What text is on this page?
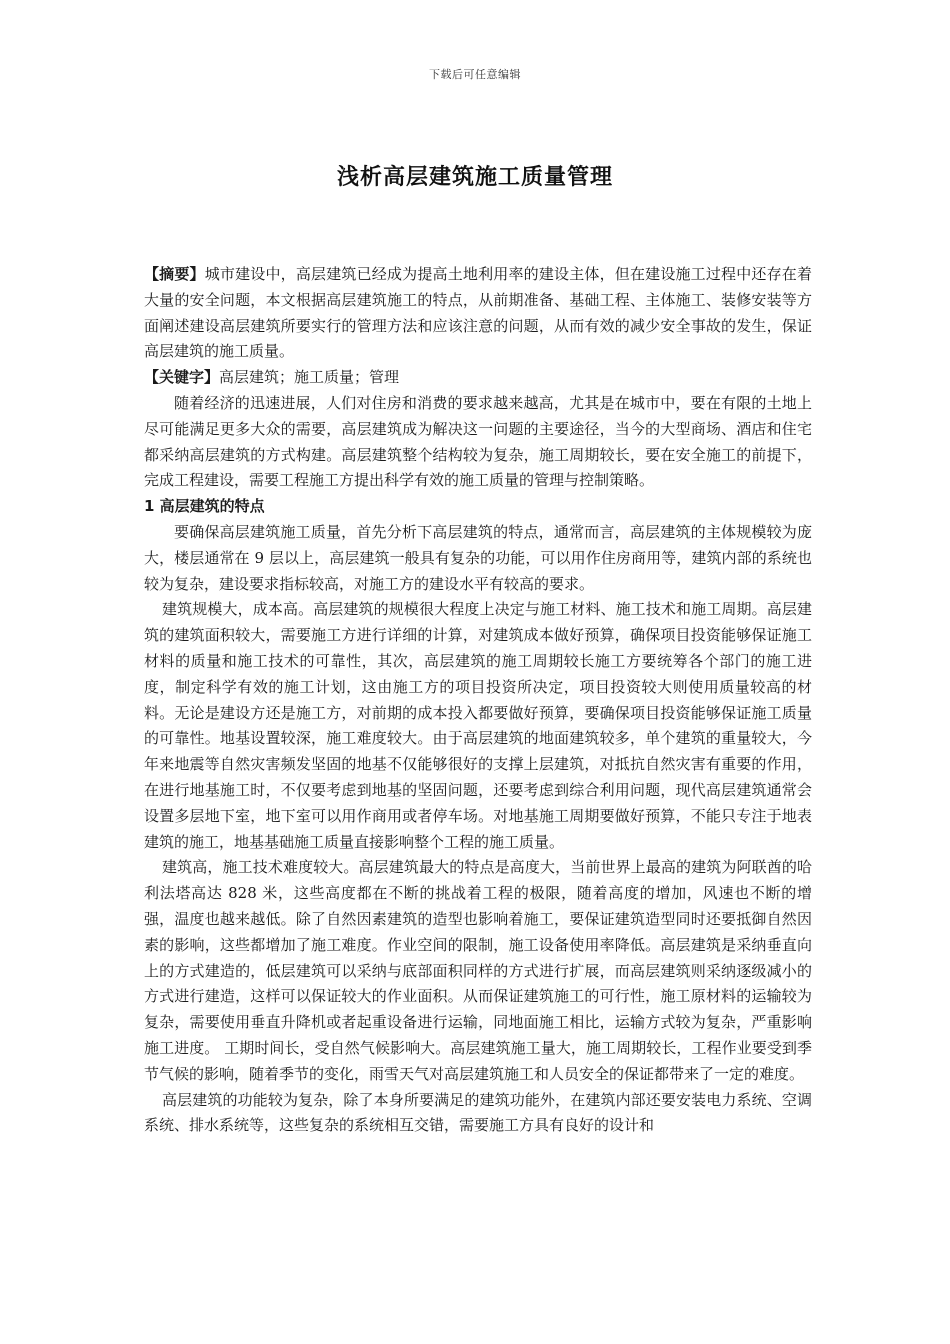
下载后可任意编辑
浅析高层建筑施工质量管理

【摘要】城市建设中，高层建筑已经成为提高土地利用率的建设主体，但在建设施工过程中还存在着大量的安全问题，本文根据高层建筑施工的特点，从前期准备、基础工程、主体施工、装修安装等方面阐述建设高层建筑所要实行的管理方法和应该注意的问题，从而有效的减少安全事故的发生，保证高层建筑的施工质量。

【关键字】高层建筑；施工质量；管理

随着经济的迅速进展，人们对住房和消费的要求越来越高，尤其是在城市中，要在有限的土地上尽可能满足更多大众的需要，高层建筑成为解决这一问题的主要途径，当今的大型商场、酒店和住宅都采纳高层建筑的方式构建。高层建筑整个结构较为复杂，施工周期较长，要在安全施工的前提下，完成工程建设，需要工程施工方提出科学有效的施工质量的管理与控制策略。

1 高层建筑的特点

要确保高层建筑施工质量，首先分析下高层建筑的特点，通常而言，高层建筑的主体规模较为庞大，楼层通常在 9 层以上，高层建筑一般具有复杂的功能，可以用作住房商用等，建筑内部的系统也较为复杂，建设要求指标较高，对施工方的建设水平有较高的要求。

建筑规模大，成本高。高层建筑的规模很大程度上决定与施工材料、施工技术和施工周期。高层建筑的建筑面积较大，需要施工方进行详细的计算，对建筑成本做好预算，确保项目投资能够保证施工材料的质量和施工技术的可靠性，其次，高层建筑的施工周期较长施工方要统筹各个部门的施工进度，制定科学有效的施工计划，这由施工方的项目投资所决定，项目投资较大则使用质量较高的材料。无论是建设方还是施工方，对前期的成本投入都要做好预算，要确保项目投资能够保证施工质量的可靠性。地基设置较深，施工难度较大。由于高层建筑的地面建筑较多，单个建筑的重量较大，今年来地震等自然灾害频发坚固的地基不仅能够很好的支撑上层建筑，对抵抗自然灾害有重要的作用，在进行地基施工时，不仅要考虑到地基的坚固问题，还要考虑到综合利用问题，现代高层建筑通常会设置多层地下室，地下室可以用作商用或者停车场。对地基施工周期要做好预算，不能只专注于地表建筑的施工，地基基础施工质量直接影响整个工程的施工质量。

建筑高，施工技术难度较大。高层建筑最大的特点是高度大，当前世界上最高的建筑为阿联酋的哈利法塔高达 828 米，这些高度都在不断的挑战着工程的极限，随着高度的增加，风速也不断的增强，温度也越来越低。除了自然因素建筑的造型也影响着施工，要保证建筑造型同时还要抵御自然因素的影响，这些都增加了施工难度。作业空间的限制，施工设备使用率降低。高层建筑是采纳垂直向上的方式建造的，低层建筑可以采纳与底部面积同样的方式进行扩展，而高层建筑则采纳逐级减小的方式进行建造，这样可以保证较大的作业面积。从而保证建筑施工的可行性，施工原材料的运输较为复杂，需要使用垂直升降机或者起重设备进行运输，同地面施工相比，运输方式较为复杂，严重影响施工进度。 工期时间长，受自然气候影响大。高层建筑施工量大，施工周期较长，工程作业要受到季节气候的影响，随着季节的变化，雨雪天气对高层建筑施工和人员安全的保证都带来了一定的难度。

高层建筑的功能较为复杂，除了本身所要满足的建筑功能外，在建筑内部还要安装电力系统、空调系统、排水系统等，这些复杂的系统相互交错，需要施工方具有良好的设计和
